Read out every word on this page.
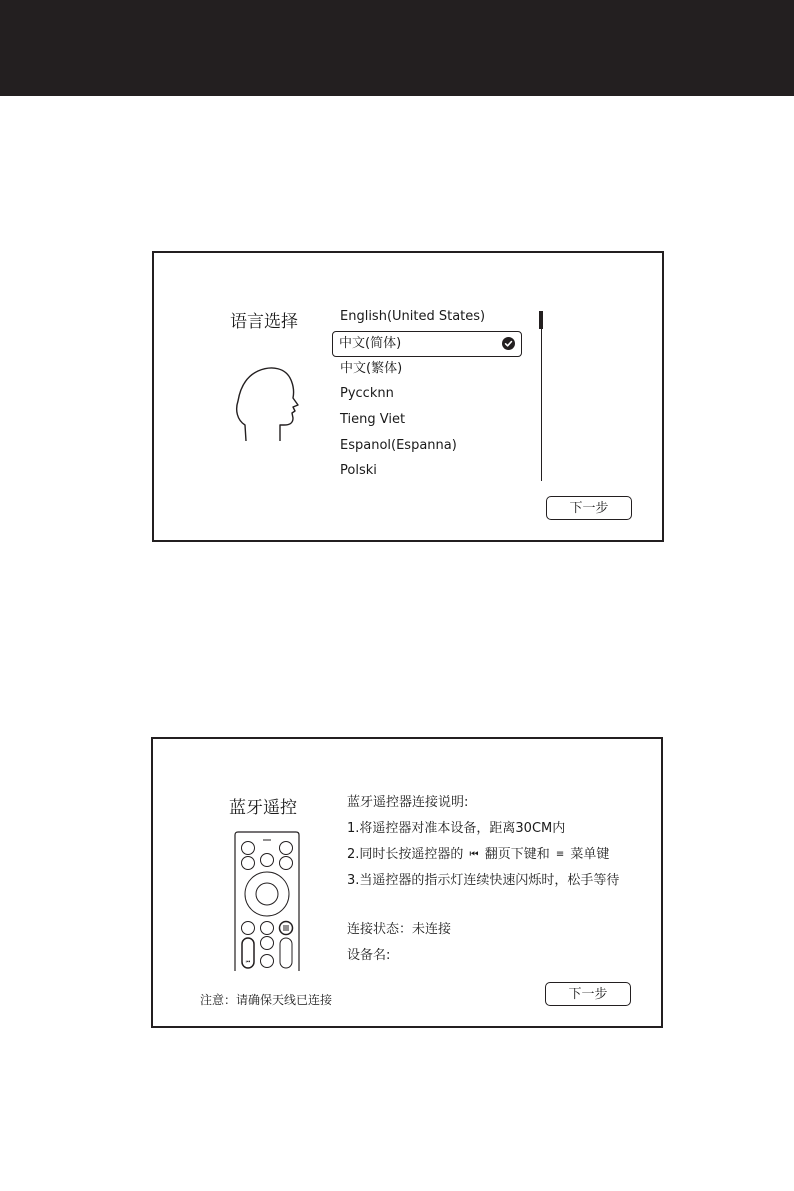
语言选择	English(United States)
中文(简体)
中文(繁体)
Pycсknn
Tieng Viet
Espanol(Espanna)
Polski
下一步
蓝牙遥控
⏮
蓝牙遥控器连接说明:
1.将遥控器对准本设备，距离30CM内
2.同时长按遥控器的 ⏮ 翻页下键和 ≡ 菜单键
3.当遥控器的指示灯连续快速闪烁时，松手等待
连接状态：未连接
设备名:
注意：请确保天线已连接	下一步
